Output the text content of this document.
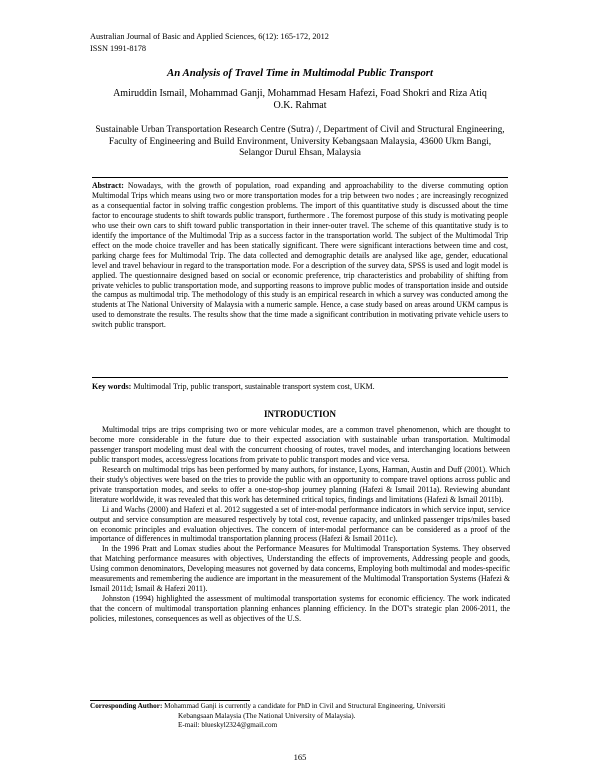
Australian Journal of Basic and Applied Sciences, 6(12): 165-172, 2012
ISSN 1991-8178
An Analysis of Travel Time in Multimodal Public Transport
Amiruddin Ismail, Mohammad Ganji, Mohammad Hesam Hafezi, Foad Shokri and Riza Atiq O.K. Rahmat
Sustainable Urban Transportation Research Centre (Sutra) /, Department of Civil and Structural Engineering, Faculty of Engineering and Build Environment, University Kebangsaan Malaysia, 43600 Ukm Bangi, Selangor Durul Ehsan, Malaysia
Abstract: Nowadays, with the growth of population, road expanding and approachability to the diverse commuting option Multimodal Trips which means using two or more transportation modes for a trip between two nodes ; are increasingly recognized as a consequential factor in solving traffic congestion problems. The import of this quantitative study is discussed about the time factor to encourage students to shift towards public transport, furthermore . The foremost purpose of this study is motivating people who use their own cars to shift toward public transportation in their inner-outer travel. The scheme of this quantitative study is to identify the importance of the Multimodal Trip as a success factor in the transportation world. The subject of the Multimodal Trip effect on the mode choice traveller and has been statically significant. There were significant interactions between time and cost, parking charge fees for Multimodal Trip. The data collected and demographic details are analysed like age, gender, educational level and travel behaviour in regard to the transportation mode. For a description of the survey data, SPSS is used and logit model is applied. The questionnaire designed based on social or economic preference, trip characteristics and probability of shifting from private vehicles to public transportation mode, and supporting reasons to improve public modes of transportation inside and outside the campus as multimodal trip. The methodology of this study is an empirical research in which a survey was conducted among the students at The National University of Malaysia with a numeric sample. Hence, a case study based on areas around UKM campus is used to demonstrate the results. The results show that the time made a significant contribution in motivating private vehicle users to switch public transport.
Key words: Multimodal Trip, public transport, sustainable transport system cost, UKM.
INTRODUCTION

Multimodal trips are trips comprising two or more vehicular modes, are a common travel phenomenon, which are thought to become more considerable in the future due to their expected association with sustainable urban transportation. Multimodal passenger transport modeling must deal with the concurrent choosing of routes, travel modes, and interchanging locations between public transport modes, access/egress locations from private to public transport modes and vice versa.

Research on multimodal trips has been performed by many authors, for instance, Lyons, Harman, Austin and Duff (2001). Which their study's objectives were based on the tries to provide the public with an opportunity to compare travel options across public and private transportation modes, and seeks to offer a one-stop-shop journey planning (Hafezi & Ismail 2011a). Reviewing abundant literature worldwide, it was revealed that this work has determined critical topics, findings and limitations (Hafezi & Ismail 2011b).

Li and Wachs (2000) and Hafezi et al. 2012 suggested a set of inter-modal performance indicators in which service input, service output and service consumption are measured respectively by total cost, revenue capacity, and unlinked passenger trips/miles based on economic principles and evaluation objectives. The concern of inter-modal performance can be considered as a proof of the importance of differences in multimodal transportation planning process (Hafezi & Ismail 2011c).

In the 1996 Pratt and Lomax studies about the Performance Measures for Multimodal Transportation Systems. They observed that Matching performance measures with objectives, Understanding the effects of improvements, Addressing people and goods, Using common denominators, Developing measures not governed by data concerns, Employing both multimodal and modes-specific measurements and remembering the audience are important in the measurement of the Multimodal Transportation Systems (Hafezi & Ismail 2011d; Ismail & Hafezi 2011).

Johnston (1994) highlighted the assessment of multimodal transportation systems for economic efficiency. The work indicated that the concern of multimodal transportation planning enhances planning efficiency. In the DOT's strategic plan 2006-2011, the policies, milestones, consequences as well as objectives of the U.S.

Corresponding Author: Mohammad Ganji is currently a candidate for PhD in Civil and Structural Engineering, Universiti
Kebangsaan Malaysia (The National University of Malaysia).
E-mail: blueskyl2324@gmail.com
165
